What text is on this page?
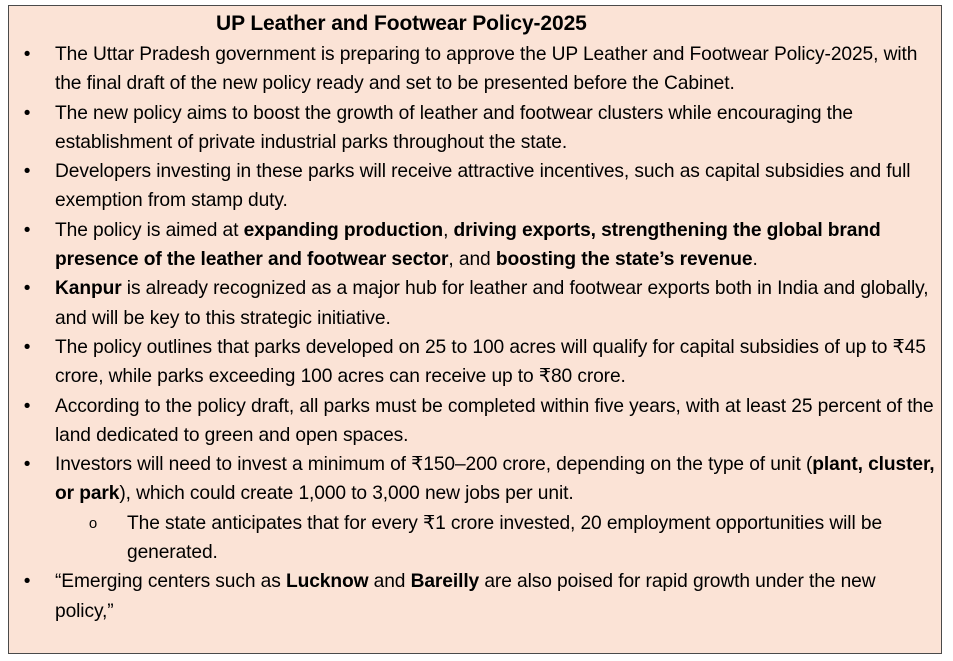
UP Leather and Footwear Policy-2025
• The Uttar Pradesh government is preparing to approve the UP Leather and Footwear Policy-2025, with the final draft of the new policy ready and set to be presented before the Cabinet.
• The new policy aims to boost the growth of leather and footwear clusters while encouraging the establishment of private industrial parks throughout the state.
• Developers investing in these parks will receive attractive incentives, such as capital subsidies and full exemption from stamp duty.
• The policy is aimed at expanding production, driving exports, strengthening the global brand presence of the leather and footwear sector, and boosting the state’s revenue.
• Kanpur is already recognized as a major hub for leather and footwear exports both in India and globally, and will be key to this strategic initiative.
• The policy outlines that parks developed on 25 to 100 acres will qualify for capital subsidies of up to ₹45 crore, while parks exceeding 100 acres can receive up to ₹80 crore.
• According to the policy draft, all parks must be completed within five years, with at least 25 percent of the land dedicated to green and open spaces.
• Investors will need to invest a minimum of ₹150–200 crore, depending on the type of unit (plant, cluster, or park), which could create 1,000 to 3,000 new jobs per unit.
o The state anticipates that for every ₹1 crore invested, 20 employment opportunities will be generated.
• “Emerging centers such as Lucknow and Bareilly are also poised for rapid growth under the new policy,”
